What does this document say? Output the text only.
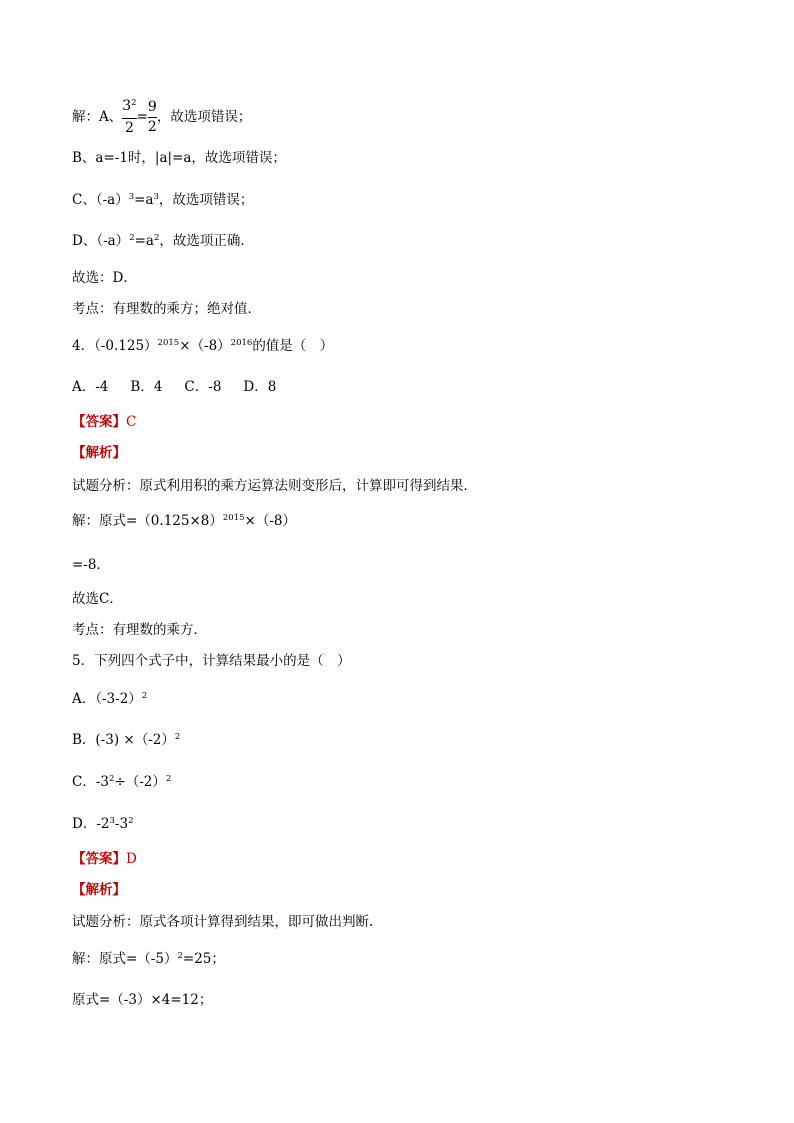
解：A、 $\frac{3^2}{2} = \frac{9}{2}$ ，故选项错误；
B、a=-1时，|a|=a，故选项错误；
C、$(-a)^3=a^3$，故选项错误；
D、$(-a)^2=a^2$，故选项正确．
故选：D．
考点：有理数的乘方；绝对值．
4．$(-0.125)^{2015}\times(-8)^{2016}$的值是（　）
A．-4 B．4 C．-8 D．8
【答案】C
【解析】
试题分析：原式利用积的乘方运算法则变形后，计算即可得到结果．
解：原式$=(0.125\times 8)^{2015}\times(-8)$
=-8．
故选C．
考点：有理数的乘方．
5．下列四个式子中，计算结果最小的是（　）
A．$(-3-2)^2$
B．$(-3) \times(-2)^2$
C．$-3^2\div(-2)^2$
D．$-2^3-3^2$
【答案】D
【解析】
试题分析：原式各项计算得到结果，即可做出判断．
解：原式$=(-5)^2=25$；
原式=（-3）×4=12；
